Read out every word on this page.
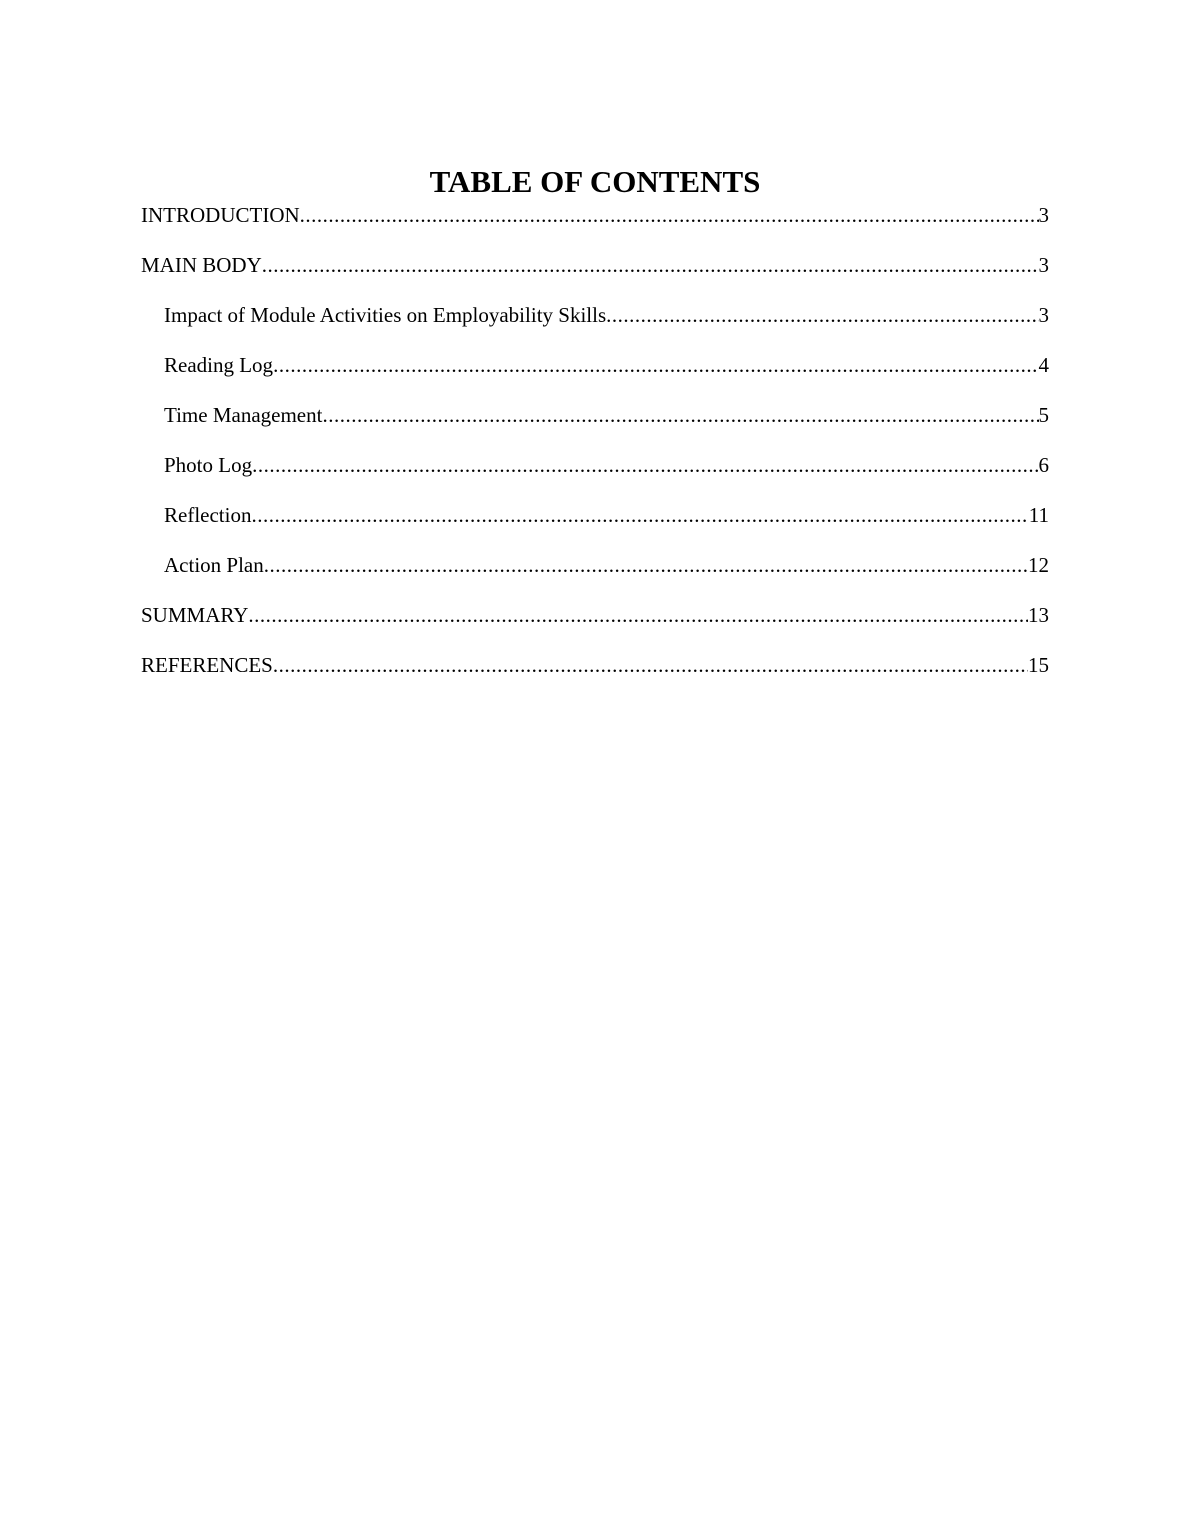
TABLE OF CONTENTS
INTRODUCTION .....	3
MAIN BODY .....	3
Impact of Module Activities on Employability Skills .....	3
Reading Log .....	4
Time Management .....	5
Photo Log .....	6
Reflection .....	11
Action Plan .....	12
SUMMARY .....	13
REFERENCES .....	15
